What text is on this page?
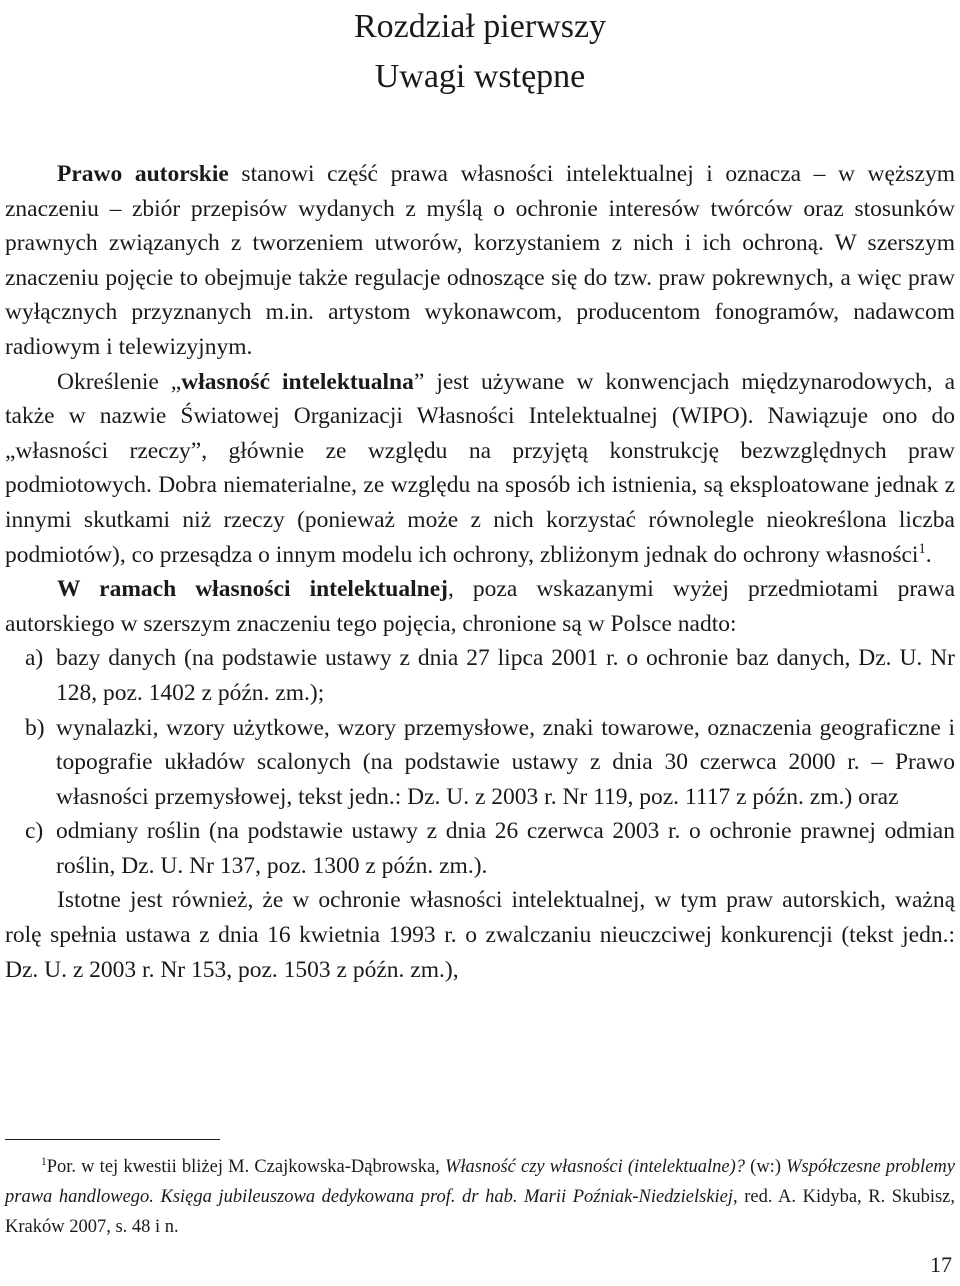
Rozdział pierwszy
Uwagi wstępne

Prawo autorskie stanowi część prawa własności intelektualnej i oznacza – w węższym znaczeniu – zbiór przepisów wydanych z myślą o ochronie interesów twórców oraz stosunków prawnych związanych z tworzeniem utworów, korzystaniem z nich i ich ochroną. W szerszym znaczeniu pojęcie to obejmuje także regulacje odnoszące się do tzw. praw pokrewnych, a więc praw wyłącznych przyznanych m.in. artystom wykonawcom, producentom fonogramów, nadawcom radiowym i telewizyjnym.

Określenie „własność intelektualna” jest używane w konwencjach międzynarodowych, a także w nazwie Światowej Organizacji Własności Intelektualnej (WIPO). Nawiązuje ono do „własności rzeczy”, głównie ze względu na przyjętą konstrukcję bezwzględnych praw podmiotowych. Dobra niematerialne, ze względu na sposób ich istnienia, są eksploatowane jednak z innymi skutkami niż rzeczy (ponieważ może z nich korzystać równolegle nieokreślona liczba podmiotów), co przesądza o innym modelu ich ochrony, zbliżonym jednak do ochrony własności$^1$.

W ramach własności intelektualnej, poza wskazanymi wyżej przedmiotami prawa autorskiego w szerszym znaczeniu tego pojęcia, chronione są w Polsce nadto:

a) bazy danych (na podstawie ustawy z dnia 27 lipca 2001 r. o ochronie baz danych, Dz. U. Nr 128, poz. 1402 z późn. zm.);
b) wynalazki, wzory użytkowe, wzory przemysłowe, znaki towarowe, oznaczenia geograficzne i topografie układów scalonych (na podstawie ustawy z dnia 30 czerwca 2000 r. – Prawo własności przemysłowej, tekst jedn.: Dz. U. z 2003 r. Nr 119, poz. 1117 z późn. zm.) oraz
c) odmiany roślin (na podstawie ustawy z dnia 26 czerwca 2003 r. o ochronie prawnej odmian roślin, Dz. U. Nr 137, poz. 1300 z późn. zm.).

Istotne jest również, że w ochronie własności intelektualnej, w tym praw autorskich, ważną rolę spełnia ustawa z dnia 16 kwietnia 1993 r. o zwalczaniu nieuczciwej konkurencji (tekst jedn.: Dz. U. z 2003 r. Nr 153, poz. 1503 z późn. zm.),

$^1$Por. w tej kwestii bliżej M. Czajkowska-Dąbrowska, Własność czy własności (intelektualne)? (w:) Współczesne problemy prawa handlowego. Księga jubileuszowa dedykowana prof. dr hab. Marii Poźniak-Niedzielskiej, red. A. Kidyba, R. Skubisz, Kraków 2007, s. 48 i n.
17
